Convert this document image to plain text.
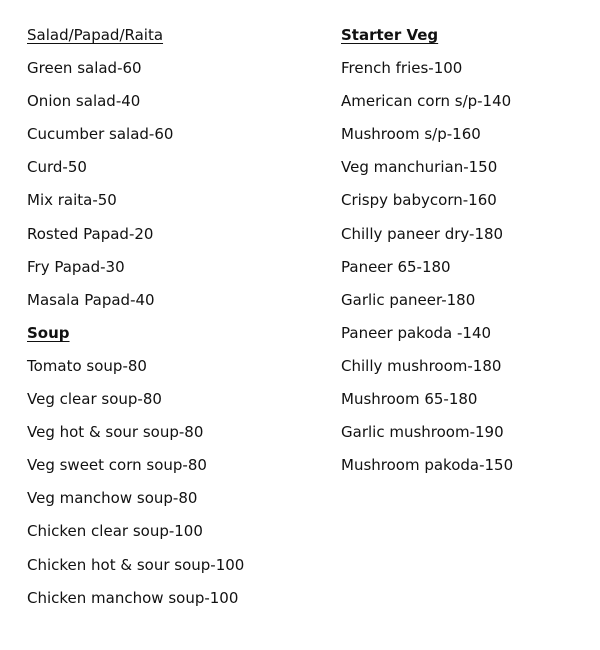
Salad/Papad/Raita
Green salad-60
Onion salad-40
Cucumber salad-60
Curd-50
Mix raita-50
Rosted Papad-20
Fry Papad-30
Masala Papad-40
Soup
Tomato soup-80
Veg clear soup-80
Veg hot & sour soup-80
Veg sweet corn soup-80
Veg manchow soup-80
Chicken clear soup-100
Chicken hot & sour soup-100
Chicken manchow soup-100
Starter Veg
French fries-100
American corn s/p-140
Mushroom s/p-160
Veg manchurian-150
Crispy babycorn-160
Chilly paneer dry-180
Paneer 65-180
Garlic paneer-180
Paneer pakoda -140
Chilly mushroom-180
Mushroom 65-180
Garlic mushroom-190
Mushroom pakoda-150
